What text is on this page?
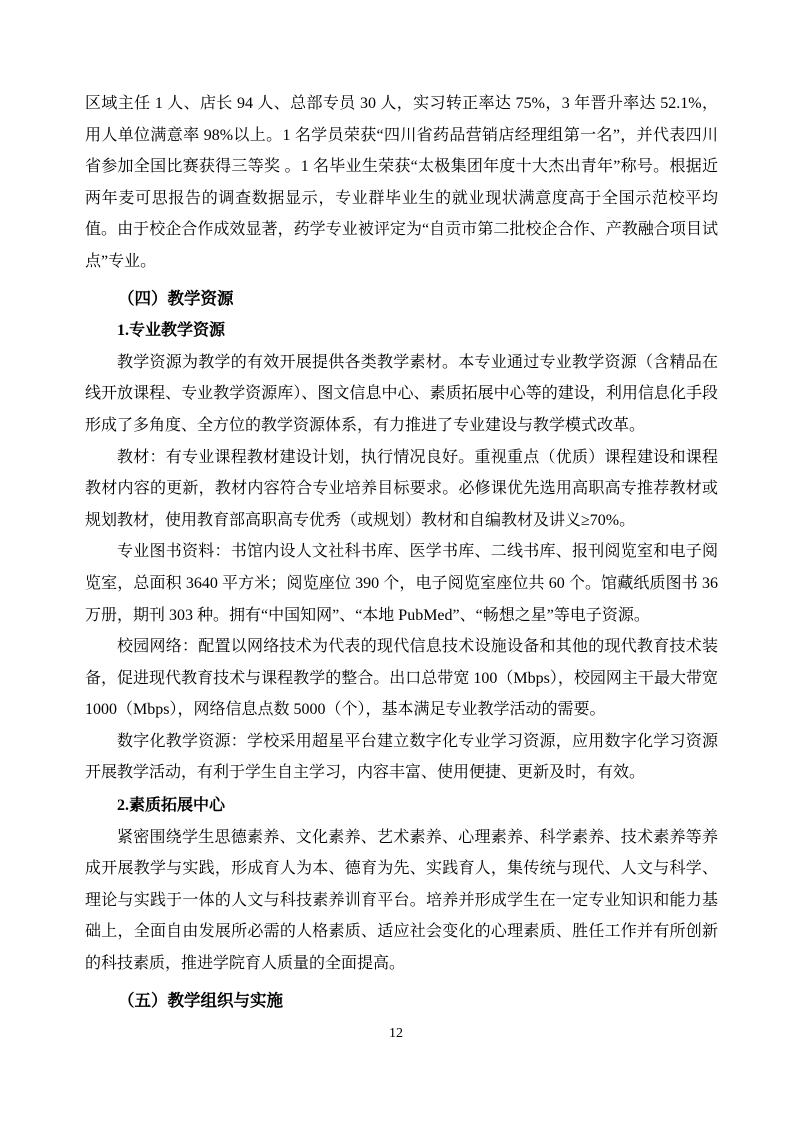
区域主任 1 人、店长 94 人、总部专员 30 人，实习转正率达 75%，3 年晋升率达 52.1%，用人单位满意率 98%以上。1 名学员荣获“四川省药品营销店经理组第一名”，并代表四川省参加全国比赛获得三等奖 。1 名毕业生荣获“太极集团年度十大杰出青年”称号。根据近两年麦可思报告的调查数据显示，专业群毕业生的就业现状满意度高于全国示范校平均值。由于校企合作成效显著，药学专业被评定为“自贡市第二批校企合作、产教融合项目试点”专业。

（四）教学资源

1.专业教学资源

教学资源为教学的有效开展提供各类教学素材。本专业通过专业教学资源（含精品在线开放课程、专业教学资源库）、图文信息中心、素质拓展中心等的建设，利用信息化手段形成了多角度、全方位的教学资源体系，有力推进了专业建设与教学模式改革。

教材：有专业课程教材建设计划，执行情况良好。重视重点（优质）课程建设和课程教材内容的更新，教材内容符合专业培养目标要求。必修课优先选用高职高专推荐教材或规划教材，使用教育部高职高专优秀（或规划）教材和自编教材及讲义≥70%。

专业图书资料：书馆内设人文社科书库、医学书库、二线书库、报刊阅览室和电子阅览室，总面积 3640 平方米；阅览座位 390 个，电子阅览室座位共 60 个。馆藏纸质图书 36 万册，期刊 303 种。拥有“中国知网”、“本地 PubMed”、“畅想之星”等电子资源。

校园网络：配置以网络技术为代表的现代信息技术设施设备和其他的现代教育技术装备，促进现代教育技术与课程教学的整合。出口总带宽 100（Mbps），校园网主干最大带宽 1000（Mbps），网络信息点数 5000（个），基本满足专业教学活动的需要。

数字化教学资源：学校采用超星平台建立数字化专业学习资源，应用数字化学习资源开展教学活动，有利于学生自主学习，内容丰富、使用便捷、更新及时，有效。

2.素质拓展中心

紧密围绕学生思德素养、文化素养、艺术素养、心理素养、科学素养、技术素养等养成开展教学与实践，形成育人为本、德育为先、实践育人，集传统与现代、人文与科学、理论与实践于一体的人文与科技素养训育平台。培养并形成学生在一定专业知识和能力基础上，全面自由发展所必需的人格素质、适应社会变化的心理素质、胜任工作并有所创新的科技素质，推进学院育人质量的全面提高。

（五）教学组织与实施

12
